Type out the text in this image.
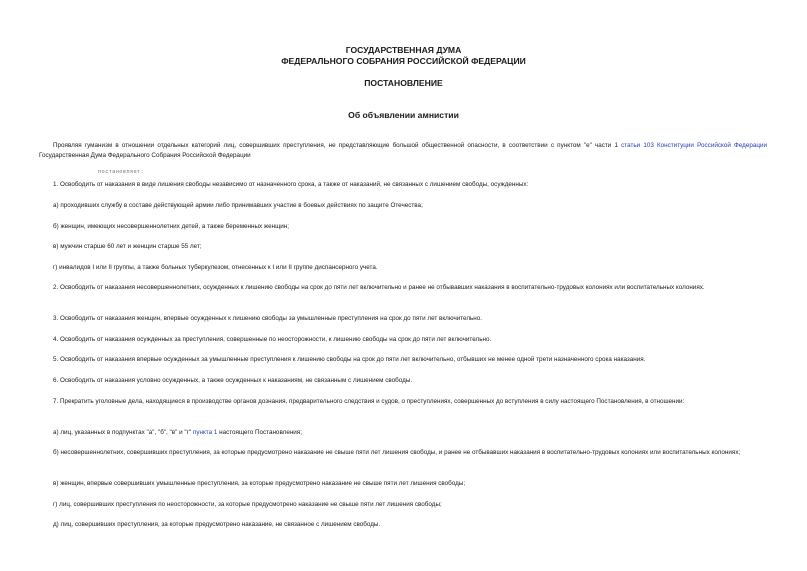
ГОСУДАРСТВЕННАЯ ДУМА
ФЕДЕРАЛЬНОГО СОБРАНИЯ РОССИЙСКОЙ ФЕДЕРАЦИИ
ПОСТАНОВЛЕНИЕ
Об объявлении амнистии
Проявляя гуманизм в отношении отдельных категорий лиц, совершивших преступления, не представляющие большой общественной опасности, в соответствии с пунктом "е" части 1 статьи 103 Конституции Российской Федерации Государственная Дума Федерального Собрания Российской Федерации
постановляет:
1. Освободить от наказания в виде лишения свободы независимо от назначенного срока, а также от наказаний, не связанных с лишением свободы, осужденных:
а) проходивших службу в составе действующей армии либо принимавших участие в боевых действиях по защите Отечества;
б) женщин, имеющих несовершеннолетних детей, а также беременных женщин;
в) мужчин старше 60 лет и женщин старше 55 лет;
г) инвалидов I или II группы, а также больных туберкулезом, отнесенных к I или II группе диспансерного учета.
2. Освободить от наказания несовершеннолетних, осужденных к лишению свободы на срок до пяти лет включительно и ранее не отбывавших наказания в воспитательно-трудовых колониях или воспитательных колониях.
3. Освободить от наказания женщин, впервые осужденных к лишению свободы за умышленные преступления на срок до пяти лет включительно.
4. Освободить от наказания осужденных за преступления, совершенные по неосторожности, к лишению свободы на срок до пяти лет включительно.
5. Освободить от наказания впервые осужденных за умышленные преступления к лишению свободы на срок до пяти лет включительно, отбывших не менее одной трети назначенного срока наказания.
6. Освободить от наказания условно осужденных, а также осужденных к наказаниям, не связанным с лишением свободы.
7. Прекратить уголовные дела, находящиеся в производстве органов дознания, предварительного следствия и судов, о преступлениях, совершенных до вступления в силу настоящего Постановления, в отношении:
а) лиц, указанных в подпунктах "а", "б", "в" и "г" пункта 1 настоящего Постановления;
б) несовершеннолетних, совершивших преступления, за которые предусмотрено наказание не свыше пяти лет лишения свободы, и ранее не отбывавших наказания в воспитательно-трудовых колониях или воспитательных колониях;
в) женщин, впервые совершивших умышленные преступления, за которые предусмотрено наказание не свыше пяти лет лишения свободы;
г) лиц, совершивших преступления по неосторожности, за которые предусмотрено наказание не свыше пяти лет лишения свободы;
д) лиц, совершивших преступления, за которые предусмотрено наказание, не связанное с лишением свободы.
